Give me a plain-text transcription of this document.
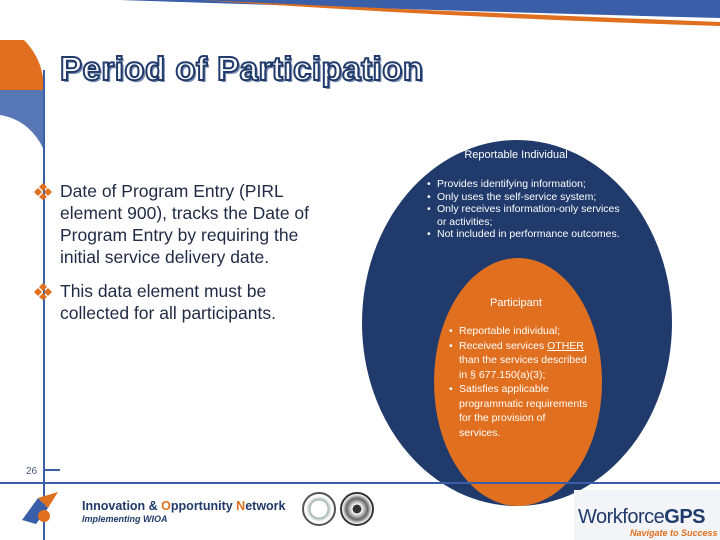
Period of Participation
Date of Program Entry (PIRL element 900), tracks the Date of Program Entry by requiring the initial service delivery date.
This data element must be collected for all participants.
Reportable Individual
• Provides identifying information;
• Only uses the self-service system;
• Only receives information-only services or activities;
• Not included in performance outcomes.
Participant
• Reportable individual;
• Received services OTHER than the services described in § 677.150(a)(3);
• Satisfies applicable programmatic requirements for the provision of services.
26
Innovation & Opportunity Network
Implementing WIOA	WorkforceGPS
Navigate to Success
